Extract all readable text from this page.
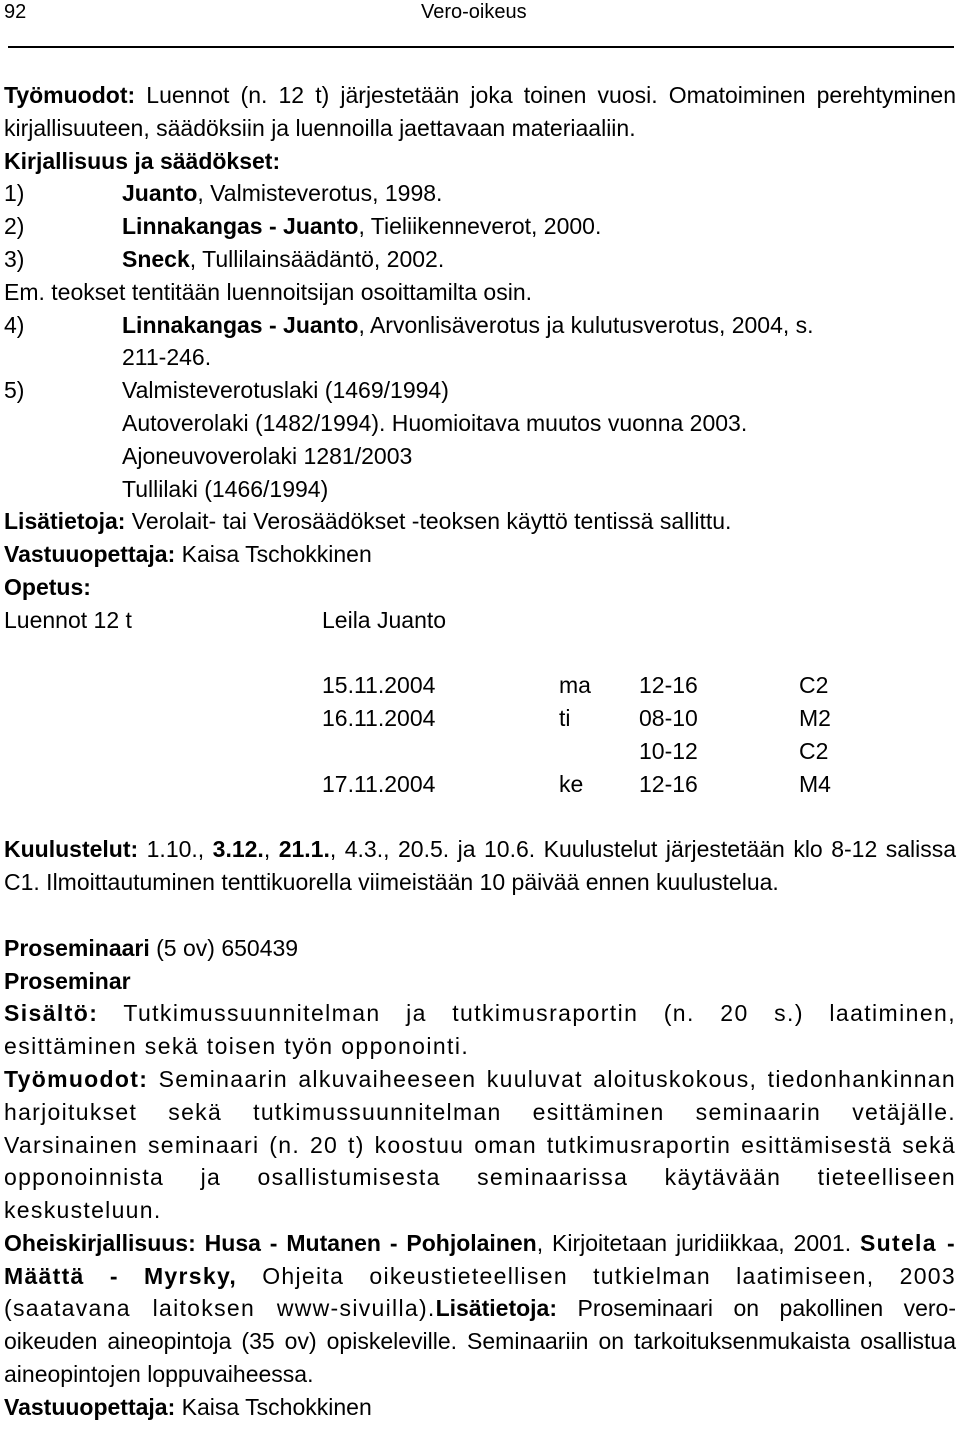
92	Vero-oikeus

Työmuodot: Luennot (n. 12 t) järjestetään joka toinen vuosi. Omatoiminen perehtyminen kirjallisuuteen, säädöksiin ja luennoilla jaettavaan materiaaliin.

Kirjallisuus ja säädökset:

1)	Juanto, Valmisteverotus, 1998.
2)	Linnakangas - Juanto, Tieliikenneverot, 2000.
3)	Sneck, Tullilainsäädäntö, 2002.

Em. teokset tentitään luennoitsijan osoittamilta osin.

4)	Linnakangas - Juanto, Arvonlisäverotus ja kulutusverotus, 2004, s.
211-246.
5)	Valmisteverotuslaki (1469/1994)
Autoverolaki (1482/1994). Huomioitava muutos vuonna 2003.
Ajoneuvoverolaki 1281/2003
Tullilaki (1466/1994)

Lisätietoja: Verolait- tai Verosäädökset -teoksen käyttö tentissä sallittu.

Vastuuopettaja: Kaisa Tschokkinen

Opetus:

Luennot 12 t	Leila Juanto
15.11.2004	ma 12-16	C2
16.11.2004	ti	08-10	M2
10-12	C2
17.11.2004	ke 12-16	M4

Kuulustelut: 1.10., 3.12., 21.1., 4.3., 20.5. ja 10.6. Kuulustelut järjestetään klo 8-12 salissa C1. Ilmoittautuminen tenttikuorella viimeistään 10 päivää ennen kuulustelua.

Proseminaari (5 ov) 650439

Proseminar

Sisältö: Tutkimussuunnitelman ja tutkimusraportin (n. 20 s.) laatiminen, esittäminen sekä toisen työn opponointi.

Työmuodot: Seminaarin alkuvaiheeseen kuuluvat aloituskokous, tiedonhankinnan harjoitukset sekä tutkimussuunnitelman esittäminen seminaarin vetäjälle. Varsinainen seminaari (n. 20 t) koostuu oman tutkimusraportin esittämisestä sekä opponoinnista ja osallistumisesta seminaarissa käytävään tieteelliseen keskusteluun.

Oheiskirjallisuus: Husa - Mutanen - Pohjolainen, Kirjoitetaan juridiikkaa, 2001. Sutela - Määttä - Myrsky, Ohjeita oikeustieteellisen tutkielman laatimiseen, 2003 (saatavana laitoksen www-sivuilla).Lisätietoja: Proseminaari on pakollinen vero-oikeuden aineopintoja (35 ov) opiskeleville. Seminaariin on tarkoituksenmukaista osallistua aineopintojen loppuvaiheessa.

Vastuuopettaja: Kaisa Tschokkinen
